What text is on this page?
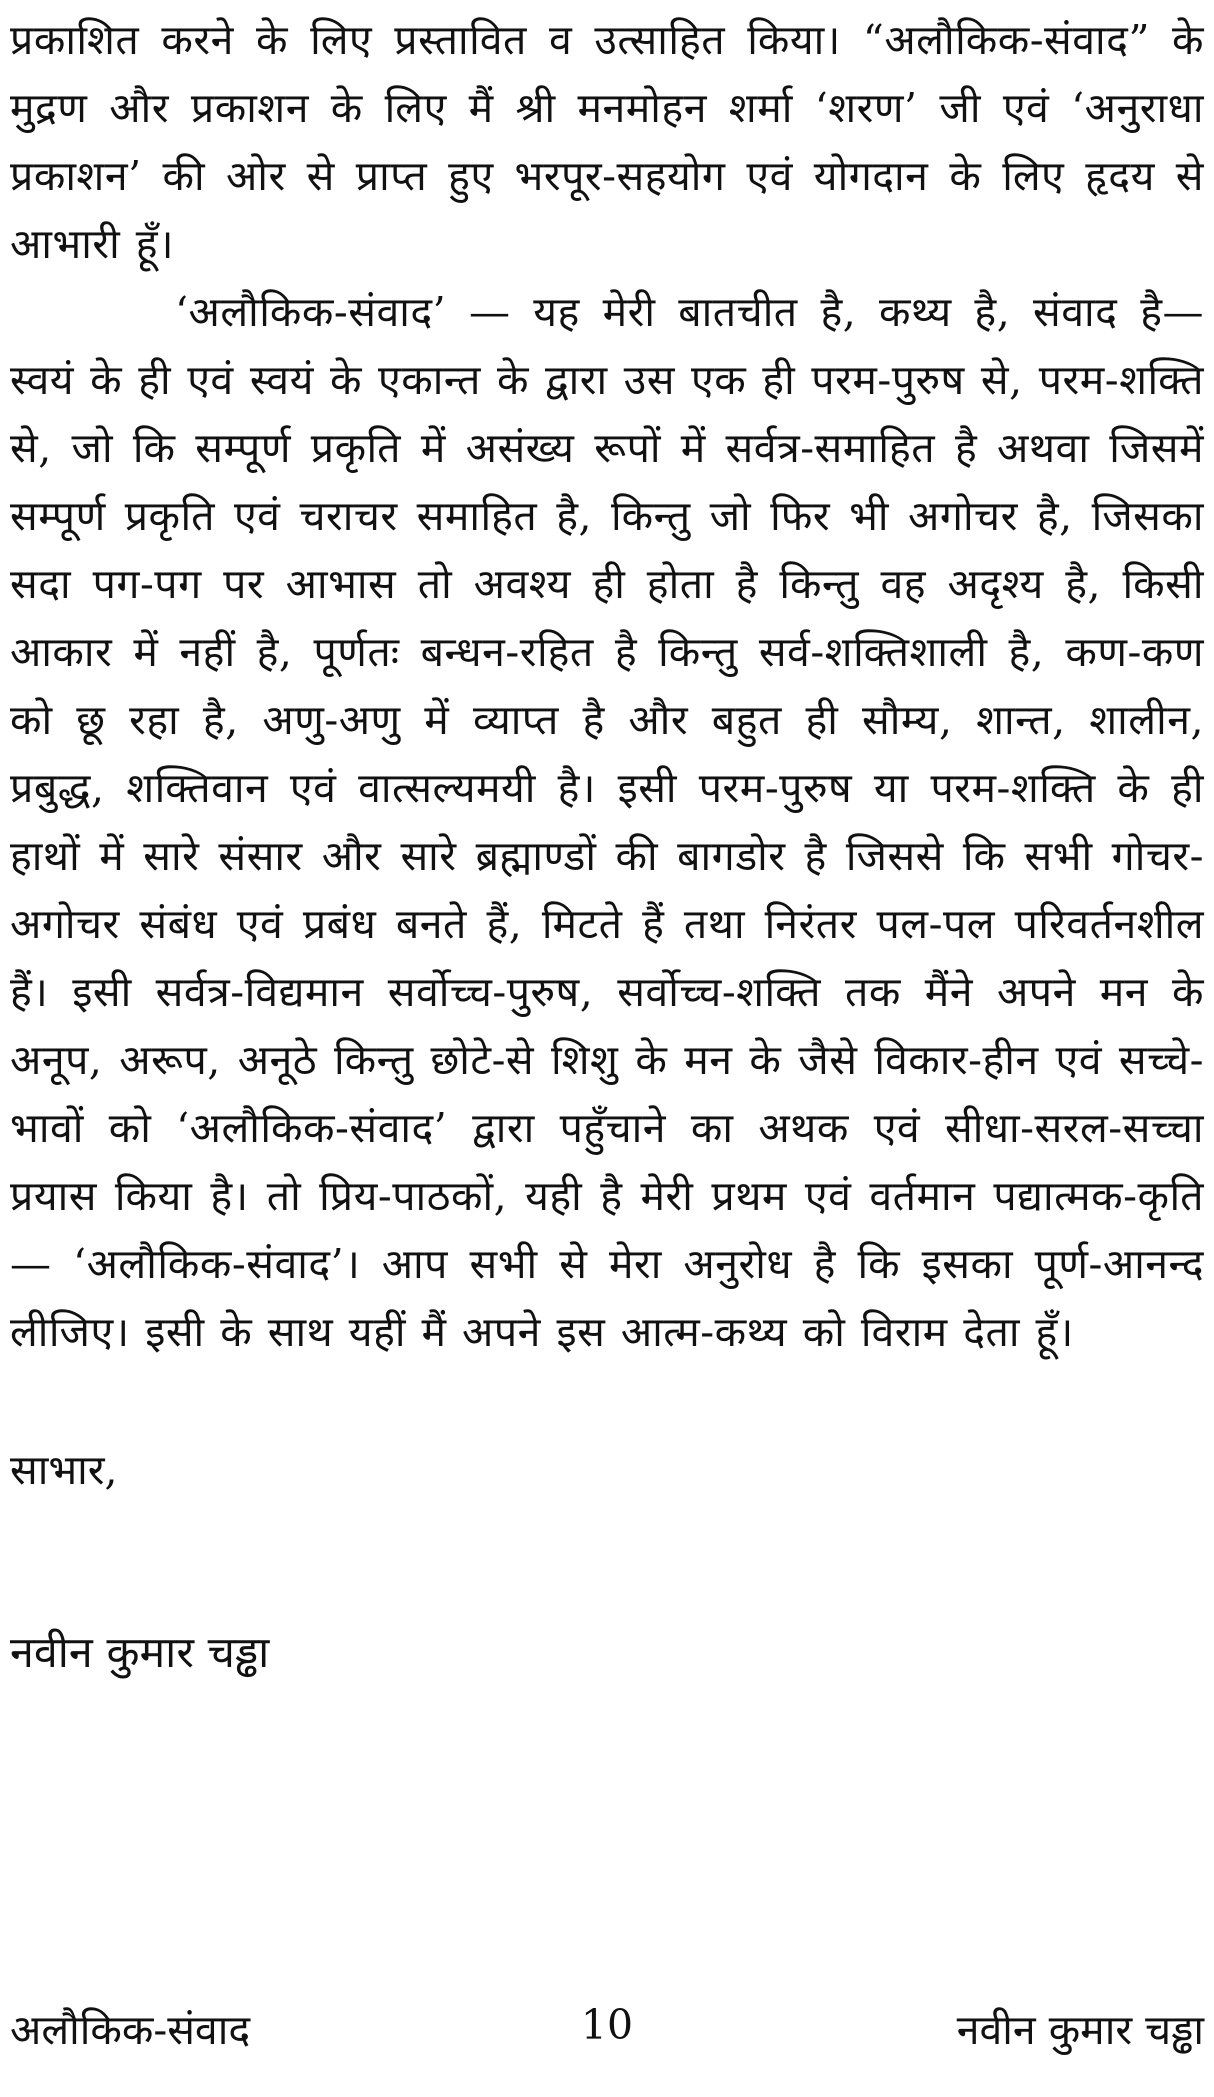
प्रकाशित करने के लिए प्रस्तावित व उत्साहित किया। “अलौकिक-संवाद” के मुद्रण और प्रकाशन के लिए मैं श्री मनमोहन शर्मा ‘शरण’ जी एवं ‘अनुराधा प्रकाशन’ की ओर से प्राप्त हुए भरपूर-सहयोग एवं योगदान के लिए हृदय से आभारी हूँ।

‘अलौकिक-संवाद’ — यह मेरी बातचीत है, कथ्य है, संवाद है— स्वयं के ही एवं स्वयं के एकान्त के द्वारा उस एक ही परम-पुरुष से, परम-शक्ति से, जो कि सम्पूर्ण प्रकृति में असंख्य रूपों में सर्वत्र-समाहित है अथवा जिसमें सम्पूर्ण प्रकृति एवं चराचर समाहित है, किन्तु जो फिर भी अगोचर है, जिसका सदा पग-पग पर आभास तो अवश्य ही होता है किन्तु वह अदृश्य है, किसी आकार में नहीं है, पूर्णतः बन्धन-रहित है किन्तु सर्व-शक्तिशाली है, कण-कण को छू रहा है, अणु-अणु में व्याप्त है और बहुत ही सौम्य, शान्त, शालीन, प्रबुद्ध, शक्तिवान एवं वात्सल्यमयी है। इसी परम-पुरुष या परम-शक्ति के ही हाथों में सारे संसार और सारे ब्रह्माण्डों की बागडोर है जिससे कि सभी गोचर-अगोचर संबंध एवं प्रबंध बनते हैं, मिटते हैं तथा निरंतर पल-पल परिवर्तनशील हैं। इसी सर्वत्र-विद्यमान सर्वोच्च-पुरुष, सर्वोच्च-शक्ति तक मैंने अपने मन के अनूप, अरूप, अनूठे किन्तु छोटे-से शिशु के मन के जैसे विकार-हीन एवं सच्चे-भावों को ‘अलौकिक-संवाद’ द्वारा पहुँचाने का अथक एवं सीधा-सरल-सच्चा प्रयास किया है। तो प्रिय-पाठकों, यही है मेरी प्रथम एवं वर्तमान पद्यात्मक-कृति — ‘अलौकिक-संवाद’। आप सभी से मेरा अनुरोध है कि इसका पूर्ण-आनन्द लीजिए। इसी के साथ यहीं मैं अपने इस आत्म-कथ्य को विराम देता हूँ।

साभार,
नवीन कुमार चड्ढा
अलौकिक-संवाद	10	नवीन कुमार चड्ढा
